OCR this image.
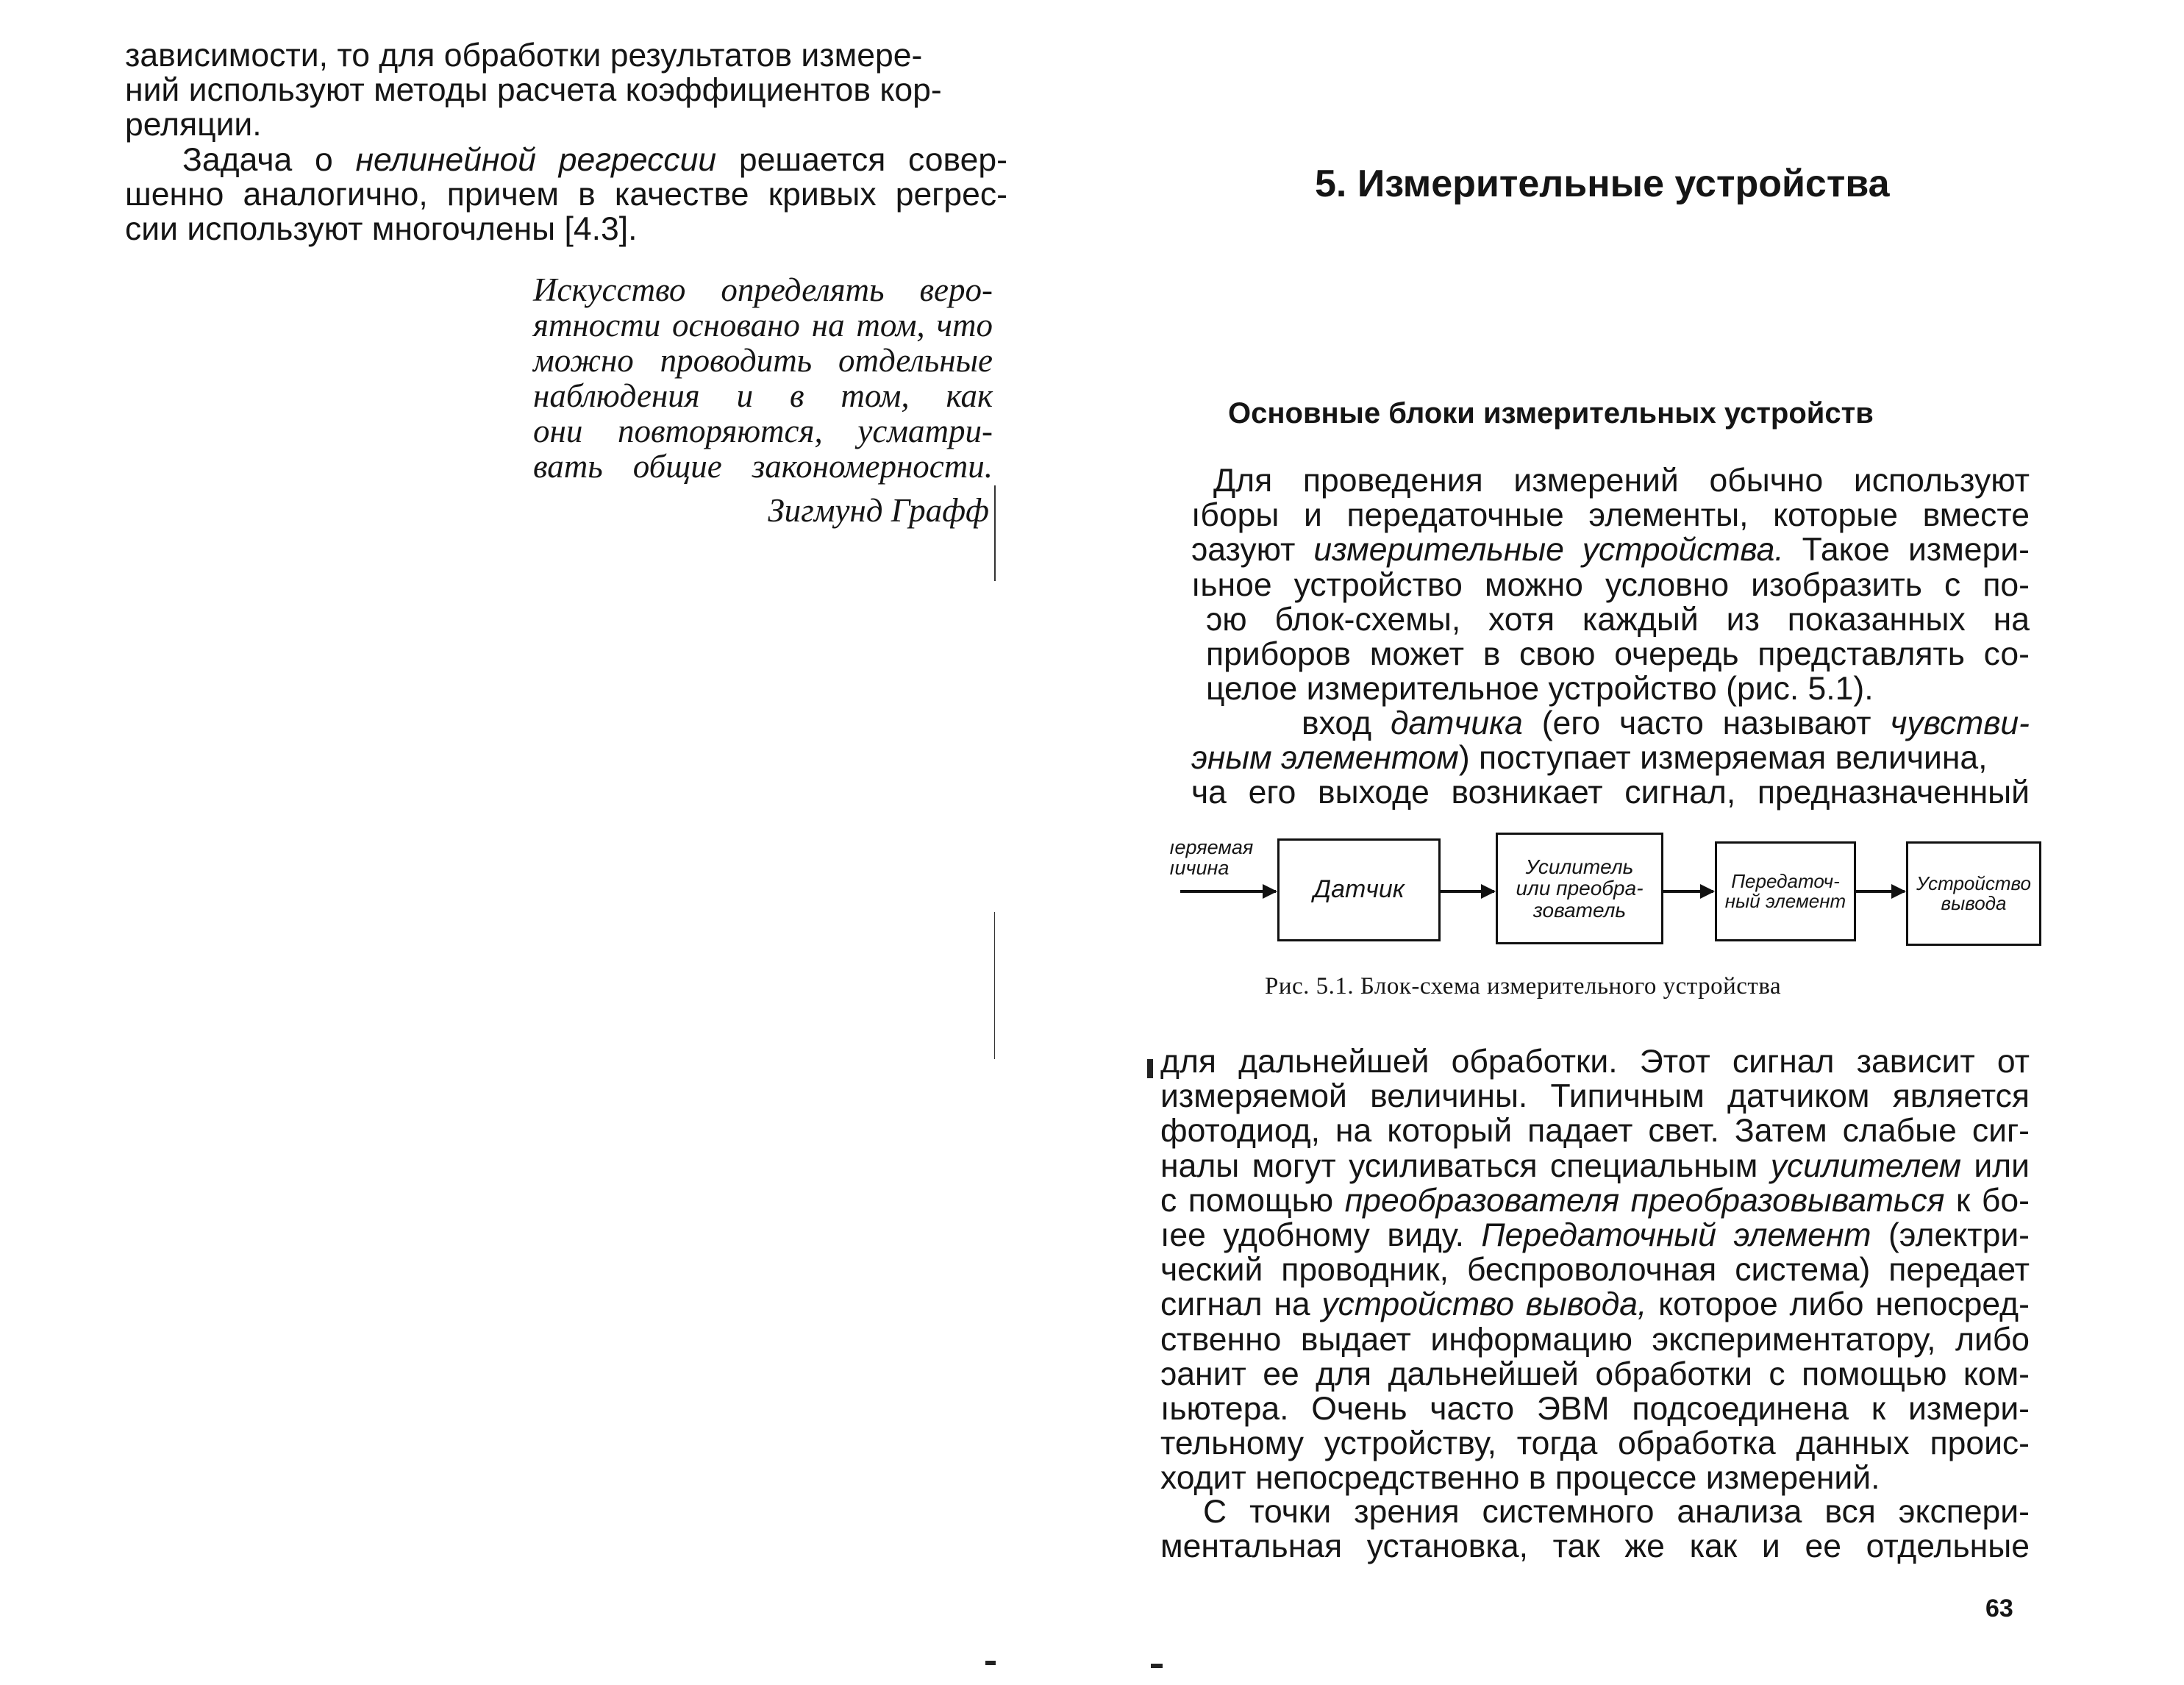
зависимости, то для обработки результатов измере-
ний используют методы расчета коэффициентов кор-
реляции.

Задача о нелинейной регрессии решается совер-
шенно аналогично, причем в качестве кривых регрес-
сии используют многочлены [4.3].

Искусство определять веро-
ятности основано на том, что
можно проводить отдельные
наблюдения и в том, как
они повторяются, усматри-
вать общие закономерности.
Зигмунд Графф
5. Измерительные устройства
Основные блоки измерительных устройств

Для проведения измерений обычно используют
ıборы и передаточные элементы, которые вместе
ɔазуют измерительные устройства. Такое измери-
ıьное устройство можно условно изобразить с по-
ɔю блок-схемы, хотя каждый из показанных на
приборов может в свою очередь представлять со-
целое измерительное устройство (рис. 5.1).

вход датчика (его часто называют чувстви-
эным элементом) поступает измеряемая величина,
ча его выходе возникает сигнал, предназначенный

ıеряемая
ıичина
Датчик
Усилитель
или преобра-
зователь
Передаточ-
ный элемент
Устройство
вывода

Рис. 5.1. Блок-схема измерительного устройства

для дальнейшей обработки. Этот сигнал зависит от
измеряемой величины. Типичным датчиком является
фотодиод, на который падает свет. Затем слабые сиг-
налы могут усиливаться специальным усилителем или
с помощью преобразователя преобразовываться к бо-
ıее удобному виду. Передаточный элемент (электри-
ческий проводник, беспроволочная система) передает
сигнал на устройство вывода, которое либо непосред-
ственно выдает информацию экспериментатору, либо
ɔанит ее для дальнейшей обработки с помощью ком-
ıьютера. Очень часто ЭВМ подсоединена к измери-
тельному устройству, тогда обработка данных проис-
ходит непосредственно в процессе измерений.

С точки зрения системного анализа вся экспери-
ментальная установка, так же как и ее отдельные

63
